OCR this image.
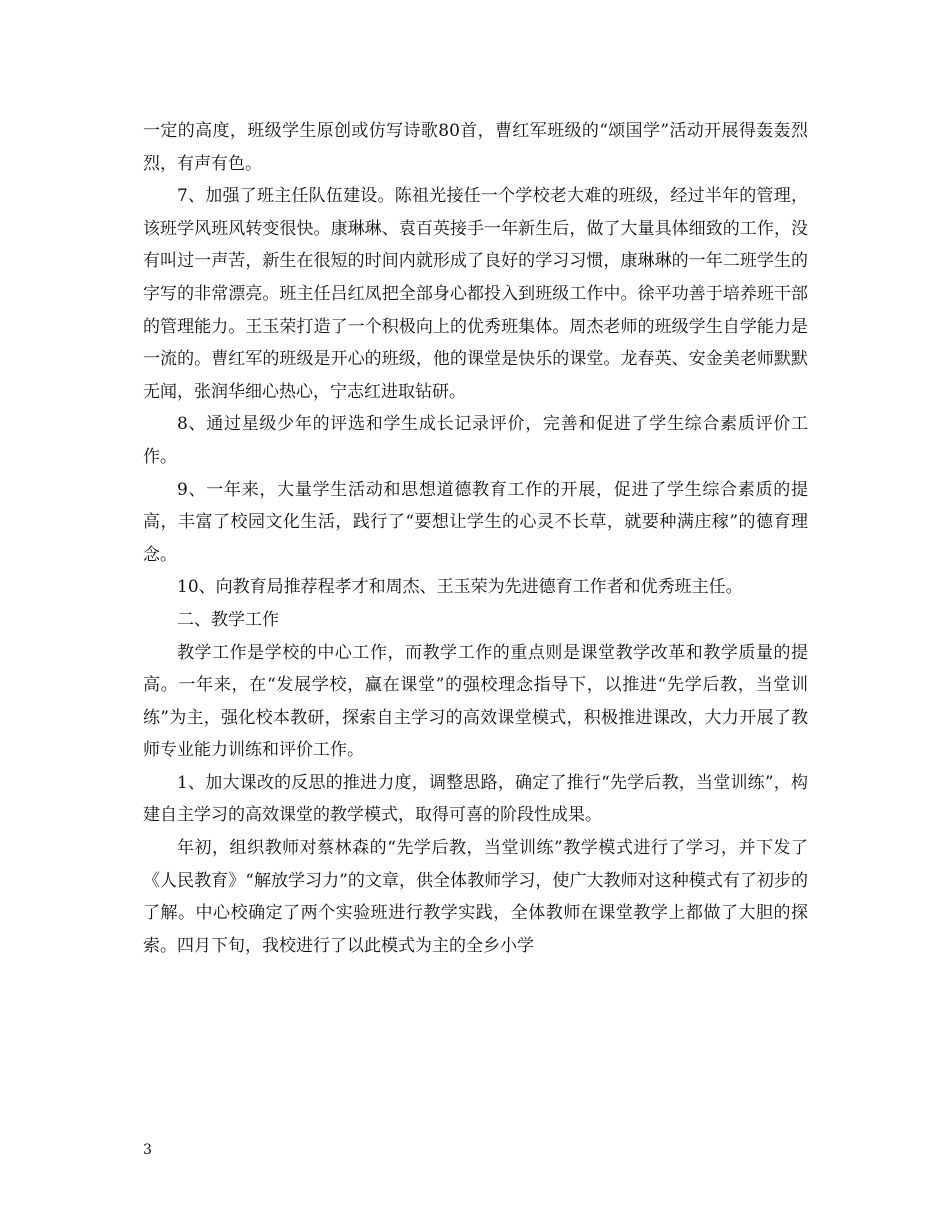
一定的高度，班级学生原创或仿写诗歌80首，曹红军班级的“颂国学”活动开展得轰轰烈烈，有声有色。

7、加强了班主任队伍建设。陈祖光接任一个学校老大难的班级，经过半年的管理，该班学风班风转变很快。康琳琳、袁百英接手一年新生后，做了大量具体细致的工作，没有叫过一声苦，新生在很短的时间内就形成了良好的学习习惯，康琳琳的一年二班学生的字写的非常漂亮。班主任吕红凤把全部身心都投入到班级工作中。徐平功善于培养班干部的管理能力。王玉荣打造了一个积极向上的优秀班集体。周杰老师的班级学生自学能力是一流的。曹红军的班级是开心的班级，他的课堂是快乐的课堂。龙春英、安金美老师默默无闻，张润华细心热心，宁志红进取钻研。

8、通过星级少年的评选和学生成长记录评价，完善和促进了学生综合素质评价工作。

9、一年来，大量学生活动和思想道德教育工作的开展，促进了学生综合素质的提高，丰富了校园文化生活，践行了“要想让学生的心灵不长草，就要种满庄稼”的德育理念。

10、向教育局推荐程孝才和周杰、王玉荣为先进德育工作者和优秀班主任。

二、教学工作

教学工作是学校的中心工作，而教学工作的重点则是课堂教学改革和教学质量的提高。一年来，在“发展学校，赢在课堂”的强校理念指导下，以推进“先学后教，当堂训练”为主，强化校本教研，探索自主学习的高效课堂模式，积极推进课改，大力开展了教师专业能力训练和评价工作。

1、加大课改的反思的推进力度，调整思路，确定了推行“先学后教，当堂训练”，构建自主学习的高效课堂的教学模式，取得可喜的阶段性成果。

年初，组织教师对蔡林森的“先学后教，当堂训练”教学模式进行了学习，并下发了《人民教育》“解放学习力”的文章，供全体教师学习，使广大教师对这种模式有了初步的了解。中心校确定了两个实验班进行教学实践，全体教师在课堂教学上都做了大胆的探索。四月下旬，我校进行了以此模式为主的全乡小学

3
